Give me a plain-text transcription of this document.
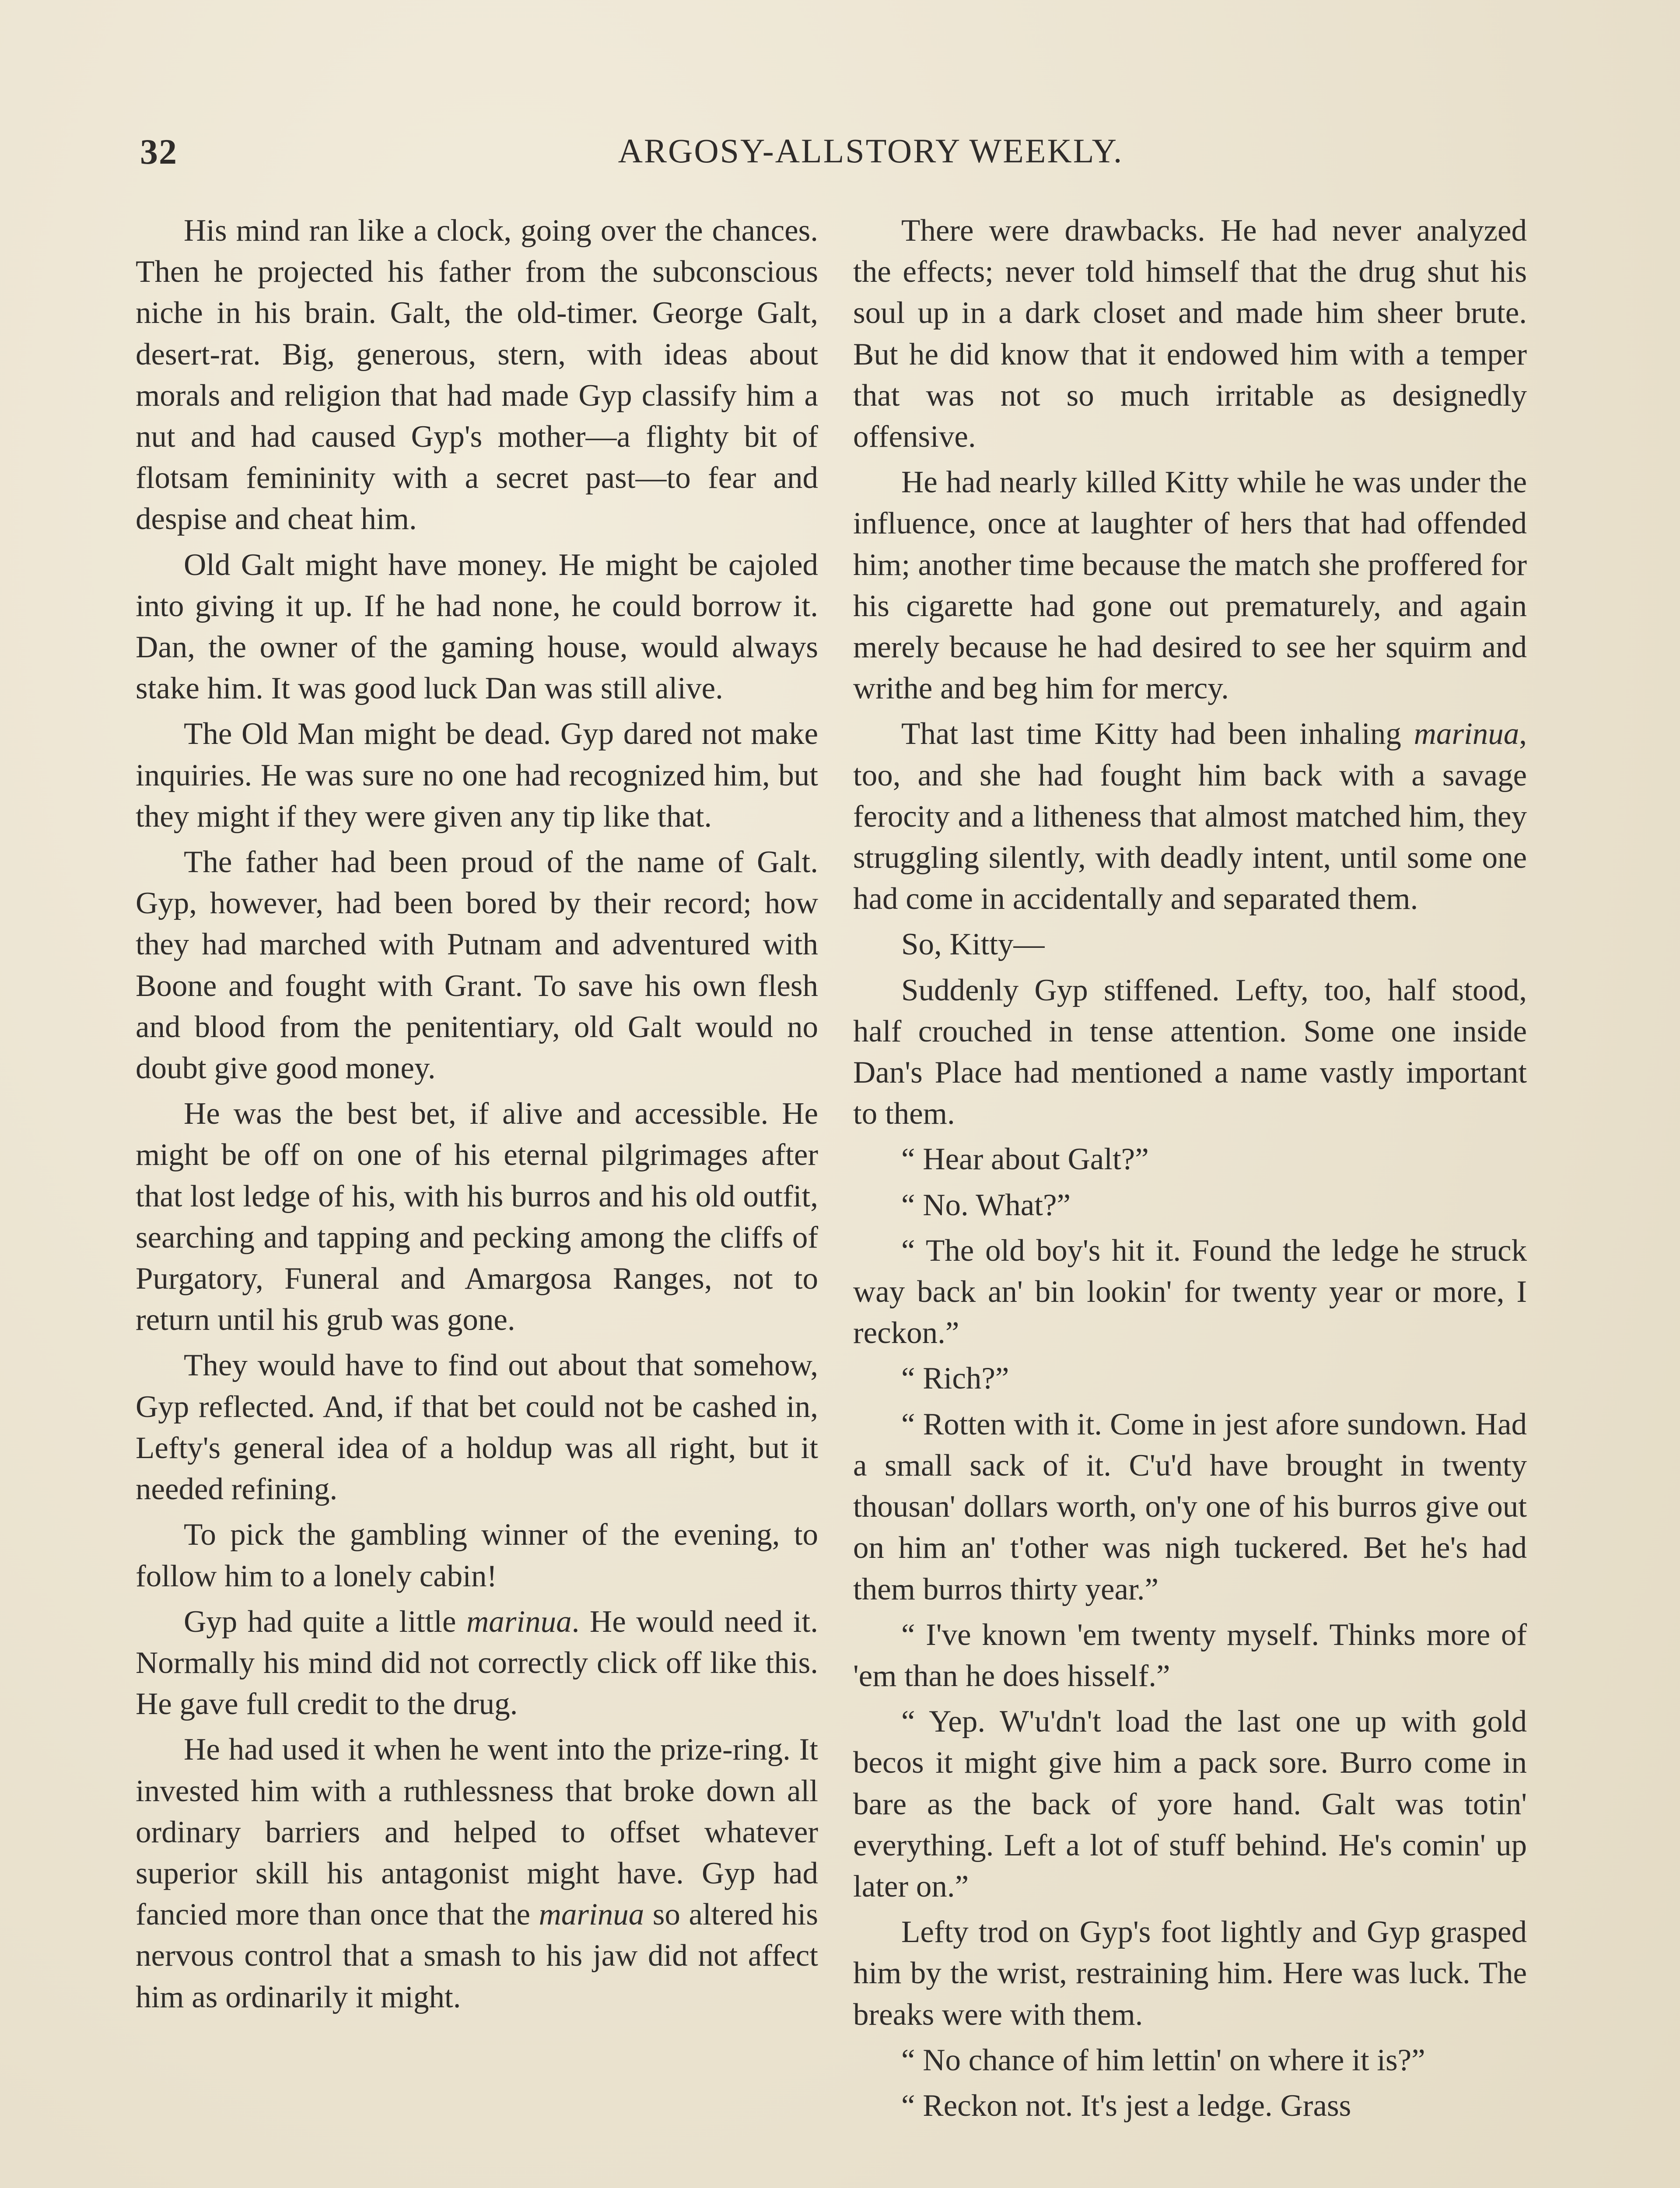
32	ARGOSY-ALLSTORY WEEKLY.

His mind ran like a clock, going over the chances. Then he projected his father from the subconscious niche in his brain. Galt, the old-timer. George Galt, desert-rat. Big, generous, stern, with ideas about morals and religion that had made Gyp classify him a nut and had caused Gyp's mother—a flighty bit of flotsam femininity with a secret past—to fear and despise and cheat him.

Old Galt might have money. He might be cajoled into giving it up. If he had none, he could borrow it. Dan, the owner of the gaming house, would always stake him. It was good luck Dan was still alive.

The Old Man might be dead. Gyp dared not make inquiries. He was sure no one had recognized him, but they might if they were given any tip like that.

The father had been proud of the name of Galt. Gyp, however, had been bored by their record; how they had marched with Putnam and adventured with Boone and fought with Grant. To save his own flesh and blood from the penitentiary, old Galt would no doubt give good money.

He was the best bet, if alive and accessible. He might be off on one of his eternal pilgrimages after that lost ledge of his, with his burros and his old outfit, searching and tapping and pecking among the cliffs of Purgatory, Funeral and Amargosa Ranges, not to return until his grub was gone.

They would have to find out about that somehow, Gyp reflected. And, if that bet could not be cashed in, Lefty's general idea of a holdup was all right, but it needed refining.

To pick the gambling winner of the evening, to follow him to a lonely cabin!

Gyp had quite a little marinua. He would need it. Normally his mind did not correctly click off like this. He gave full credit to the drug.

He had used it when he went into the prize-ring. It invested him with a ruthlessness that broke down all ordinary barriers and helped to offset whatever superior skill his antagonist might have. Gyp had fancied more than once that the marinua so altered his nervous control that a smash to his jaw did not affect him as ordinarily it might.

There were drawbacks. He had never analyzed the effects; never told himself that the drug shut his soul up in a dark closet and made him sheer brute. But he did know that it endowed him with a temper that was not so much irritable as designedly offensive.

He had nearly killed Kitty while he was under the influence, once at laughter of hers that had offended him; another time because the match she proffered for his cigarette had gone out prematurely, and again merely because he had desired to see her squirm and writhe and beg him for mercy.

That last time Kitty had been inhaling marinua, too, and she had fought him back with a savage ferocity and a litheness that almost matched him, they struggling silently, with deadly intent, until some one had come in accidentally and separated them.

So, Kitty—

Suddenly Gyp stiffened. Lefty, too, half stood, half crouched in tense attention. Some one inside Dan's Place had mentioned a name vastly important to them.

“ Hear about Galt?”

“ No. What?”

“ The old boy's hit it. Found the ledge he struck way back an' bin lookin' for twenty year or more, I reckon.”

“ Rich?”

“ Rotten with it. Come in jest afore sundown. Had a small sack of it. C'u'd have brought in twenty thousan' dollars worth, on'y one of his burros give out on him an' t'other was nigh tuckered. Bet he's had them burros thirty year.”

“ I've known 'em twenty myself. Thinks more of 'em than he does hisself.”

“ Yep. W'u'dn't load the last one up with gold becos it might give him a pack sore. Burro come in bare as the back of yore hand. Galt was totin' everything. Left a lot of stuff behind. He's comin' up later on.”

Lefty trod on Gyp's foot lightly and Gyp grasped him by the wrist, restraining him. Here was luck. The breaks were with them.

“ No chance of him lettin' on where it is?”

“ Reckon not. It's jest a ledge. Grass
